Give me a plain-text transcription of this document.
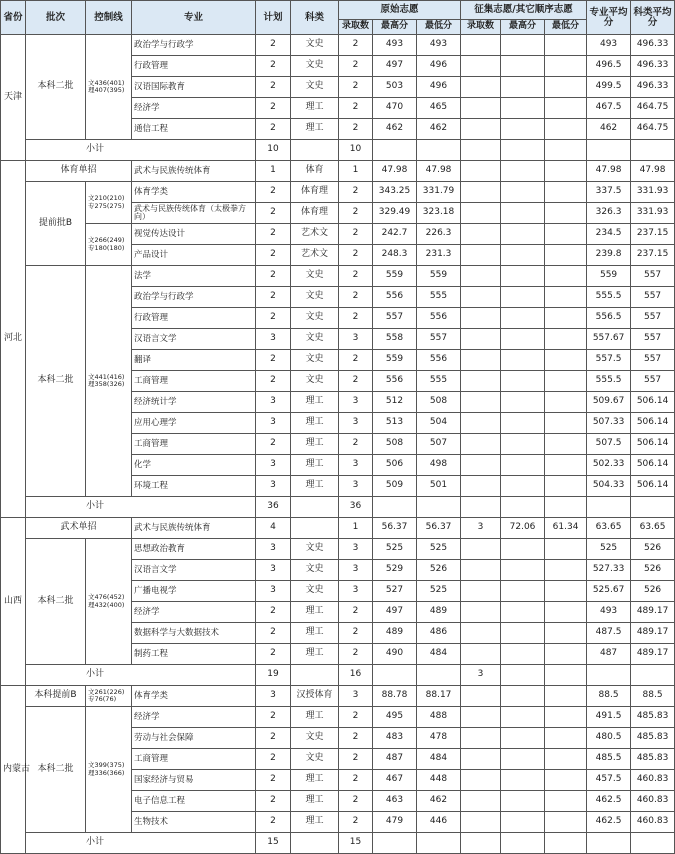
省份	批次	控制线	专业	计划	科类	原始志愿			征集志愿/其它顺序志愿			专业平均分	科类平均分
						录取数	最高分	最低分	录取数	最高分	最低分		
天津	本科二批	文436(401) 理407(395)	政治学与行政学	2	文史	2	493	493				493	496.33
			行政管理	2	文史	2	497	496				496.5	496.33
			汉语国际教育	2	文史	2	503	496				499.5	496.33
			经济学	2	理工	2	470	465				467.5	464.75
			通信工程	2	理工	2	462	462				462	464.75
	小计			10		10							
河北	体育单招		武术与民族传统体育	1	体育	1	47.98	47.98				47.98	47.98
	提前批B	文210(210) 专275(275)	体育学类	2	体育理	2	343.25	331.79				337.5	331.93
			武术与民族传统体育（太极拳方向）	2	体育理	2	329.49	323.18				326.3	331.93
		文266(249) 专180(180)	视觉传达设计	2	艺术文	2	242.7	226.3				234.5	237.15
			产品设计	2	艺术文	2	248.3	231.3				239.8	237.15
	本科二批	文441(416) 理358(326)	法学	2	文史	2	559	559				559	557
			政治学与行政学	2	文史	2	556	555				555.5	557
			行政管理	2	文史	2	557	556				556.5	557
			汉语言文学	3	文史	3	558	557				557.67	557
			翻译	2	文史	2	559	556				557.5	557
			工商管理	2	文史	2	556	555				555.5	557
			经济统计学	3	理工	3	512	508				509.67	506.14
			应用心理学	3	理工	3	513	504				507.33	506.14
			工商管理	2	理工	2	508	507				507.5	506.14
			化学	3	理工	3	506	498				502.33	506.14
			环境工程	3	理工	3	509	501				504.33	506.14
	小计			36		36							
山西	武术单招		武术与民族传统体育	4		1	56.37	56.37	3	72.06	61.34	63.65	63.65
	本科二批	文476(452) 理432(400)	思想政治教育	3	文史	3	525	525				525	526
			汉语言文学	3	文史	3	529	526				527.33	526
			广播电视学	3	文史	3	527	525				525.67	526
			经济学	2	理工	2	497	489				493	489.17
			数据科学与大数据技术	2	理工	2	489	486				487.5	489.17
			制药工程	2	理工	2	490	484				487	489.17
	小计			19		16			3				
内蒙古	本科提前B	文261(226) 专76(76)	体育学类	3	汉授体育	3	88.78	88.17				88.5	88.5
	本科二批	文399(375) 理336(366)	经济学	2	理工	2	495	488				491.5	485.83
			劳动与社会保障	2	文史	2	483	478				480.5	485.83
			工商管理	2	文史	2	487	484				485.5	485.83
			国家经济与贸易	2	理工	2	467	448				457.5	460.83
			电子信息工程	2	理工	2	463	462				462.5	460.83
			生物技术	2	理工	2	479	446				462.5	460.83
	小计			15		15							
